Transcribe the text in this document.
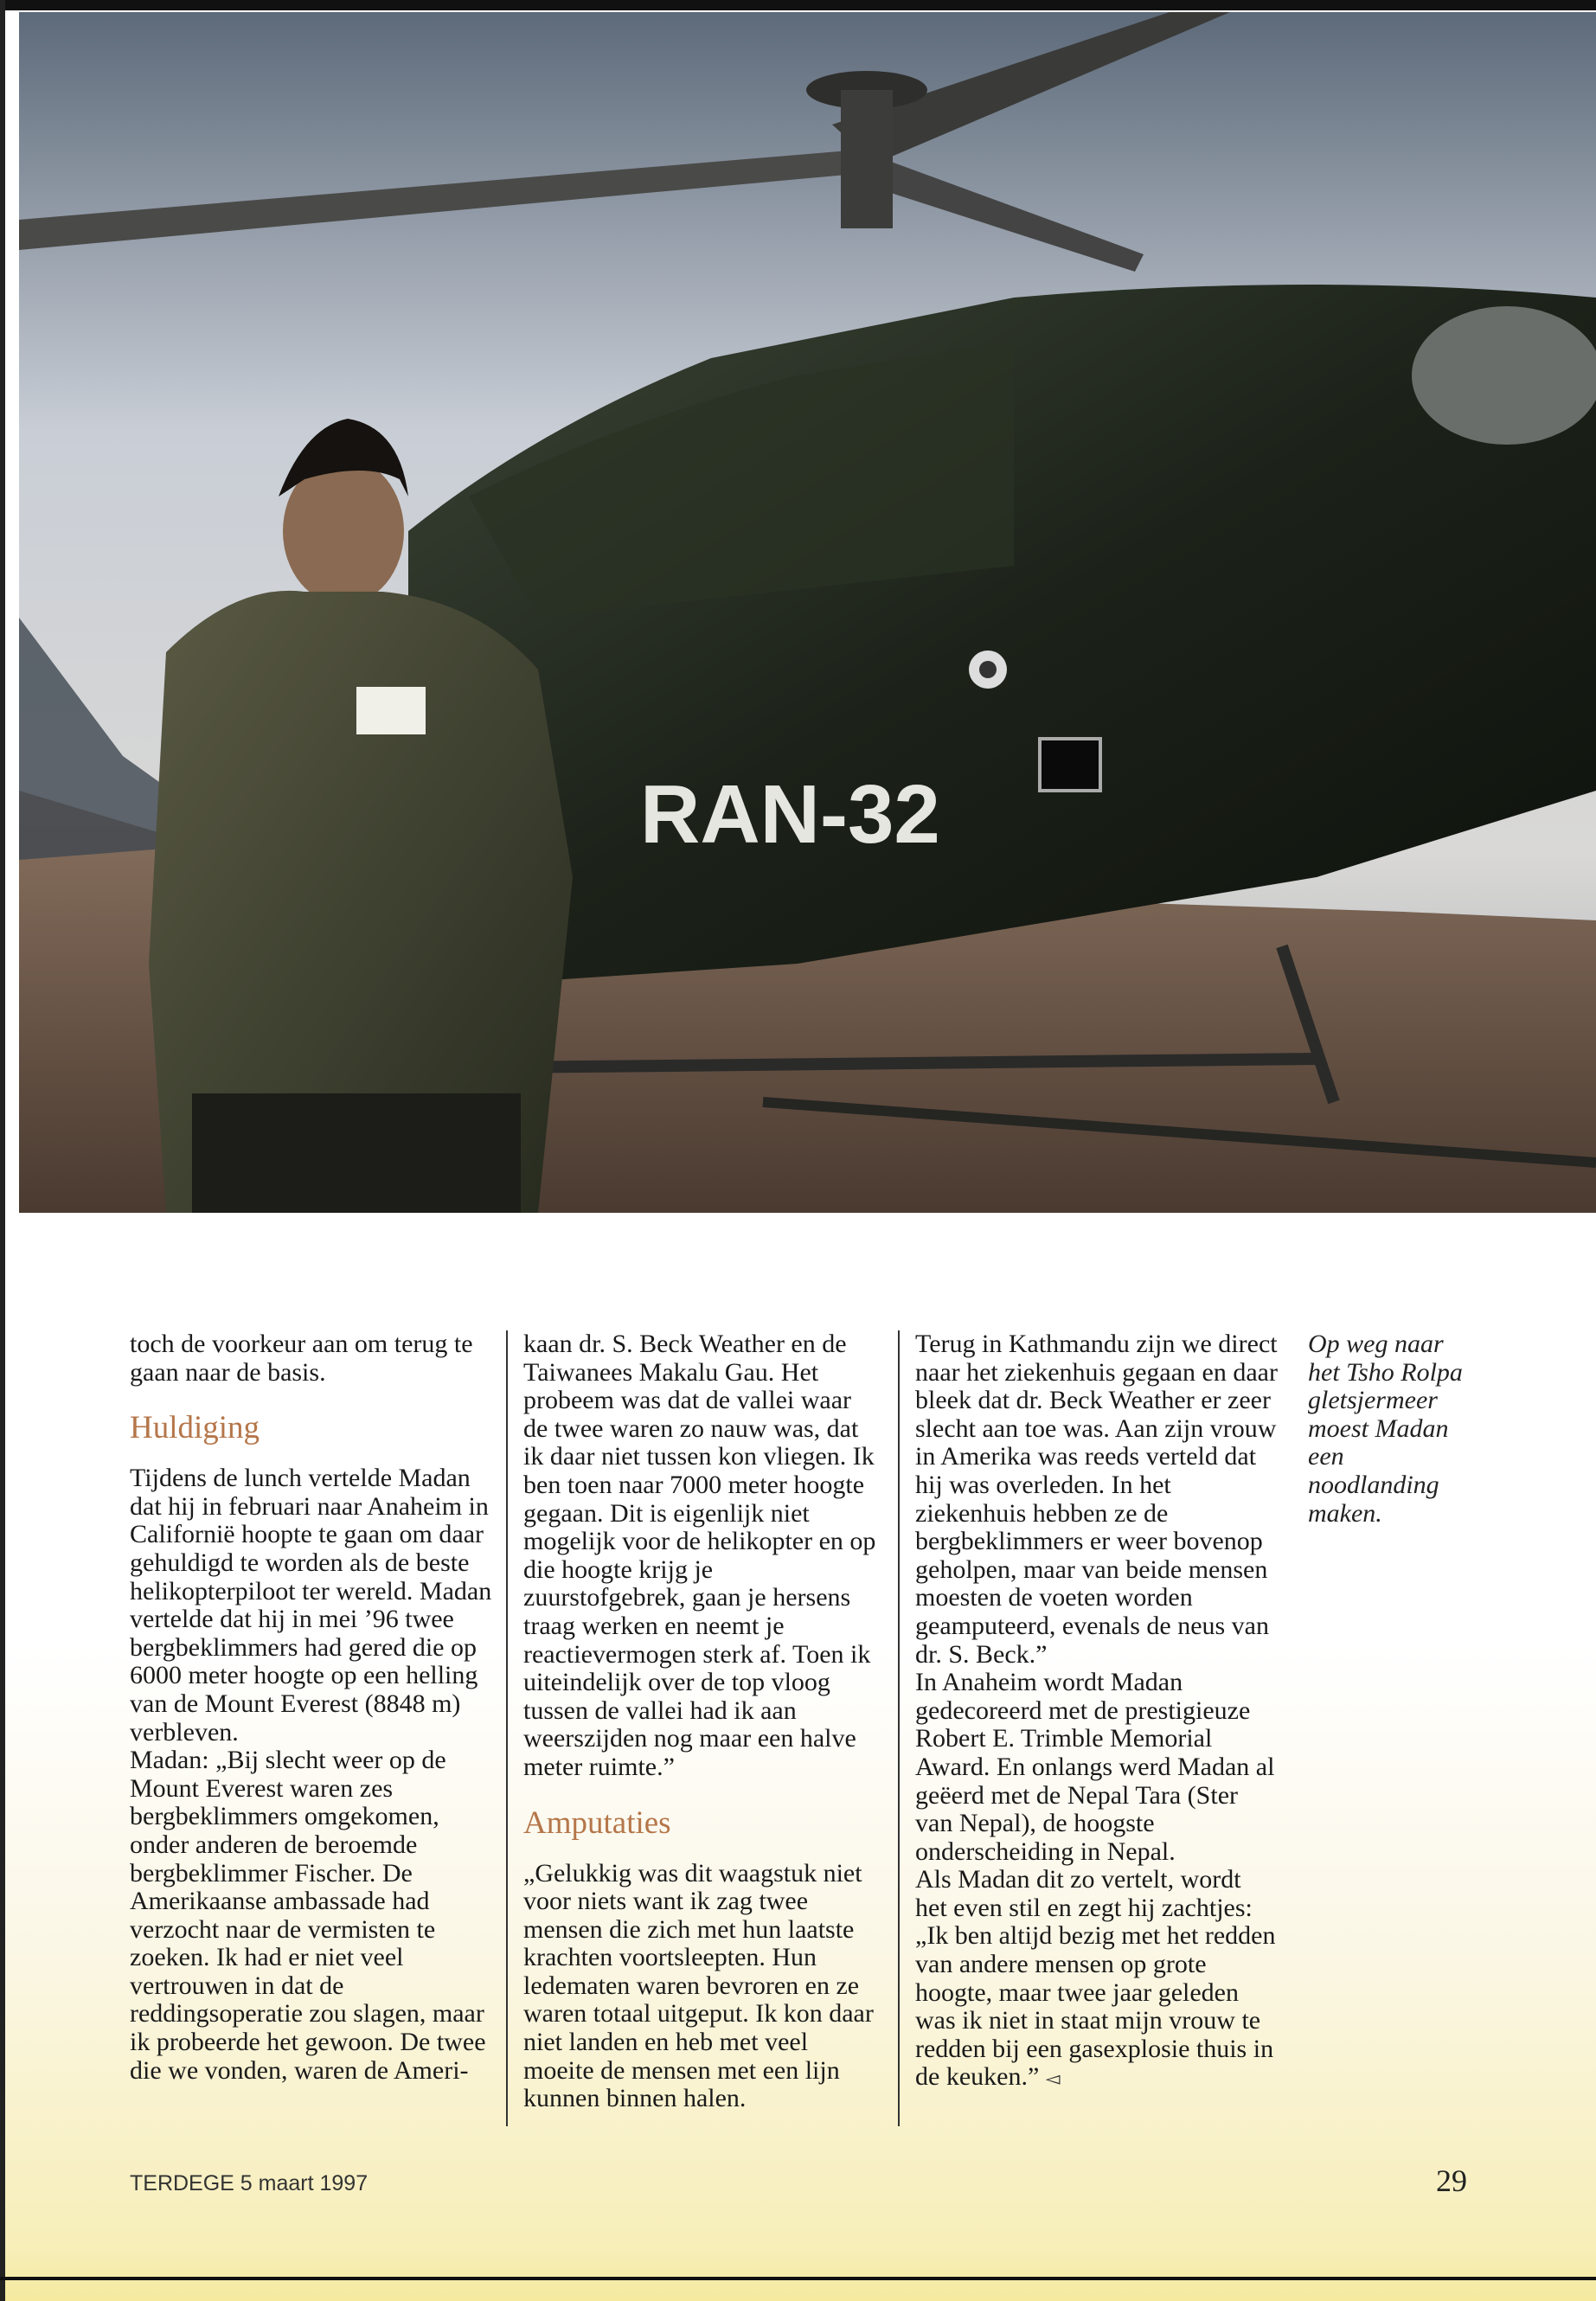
RAN-32

toch de voorkeur aan om terug te gaan naar de basis.

Huldiging

Tijdens de lunch vertelde Madan dat hij in februari naar Anaheim in Californië hoopte te gaan om daar gehuldigd te worden als de beste helikopterpiloot ter wereld. Madan vertelde dat hij in mei ’96 twee bergbeklimmers had gered die op 6000 meter hoogte op een helling van de Mount Everest (8848 m) verbleven.

Madan: „Bij slecht weer op de Mount Everest waren zes bergbeklimmers omgekomen, onder anderen de beroemde bergbeklimmer Fischer. De Amerikaanse ambassade had verzocht naar de vermisten te zoeken. Ik had er niet veel vertrouwen in dat de reddingsoperatie zou slagen, maar ik probeerde het gewoon. De twee die we vonden, waren de Ameri-

kaan dr. S. Beck Weather en de Taiwanees Makalu Gau. Het probeem was dat de vallei waar de twee waren zo nauw was, dat ik daar niet tussen kon vliegen. Ik ben toen naar 7000 meter hoogte gegaan. Dit is eigenlijk niet mogelijk voor de helikopter en op die hoogte krijg je zuurstofgebrek, gaan je hersens traag werken en neemt je reactievermogen sterk af. Toen ik uiteindelijk over de top vloog tussen de vallei had ik aan weerszijden nog maar een halve meter ruimte.”

Amputaties

„Gelukkig was dit waagstuk niet voor niets want ik zag twee mensen die zich met hun laatste krachten voortsleepten. Hun ledematen waren bevroren en ze waren totaal uitgeput. Ik kon daar niet landen en heb met veel moeite de mensen met een lijn kunnen binnen halen.

Terug in Kathmandu zijn we direct naar het ziekenhuis gegaan en daar bleek dat dr. Beck Weather er zeer slecht aan toe was. Aan zijn vrouw in Amerika was reeds verteld dat hij was overleden. In het ziekenhuis hebben ze de bergbeklimmers er weer bovenop geholpen, maar van beide mensen moesten de voeten worden geamputeerd, evenals de neus van dr. S. Beck.”

In Anaheim wordt Madan gedecoreerd met de prestigieuze Robert E. Trimble Memorial Award. En onlangs werd Madan al geëerd met de Nepal Tara (Ster van Nepal), de hoogste onderscheiding in Nepal.

Als Madan dit zo vertelt, wordt het even stil en zegt hij zachtjes: „Ik ben altijd bezig met het redden van andere mensen op grote hoogte, maar twee jaar geleden was ik niet in staat mijn vrouw te redden bij een gasexplosie thuis in de keuken.” ◅

Op weg naar het Tsho Rolpa gletsjermeer moest Madan een noodlanding maken.
TERDEGE 5 maart 1997	29
